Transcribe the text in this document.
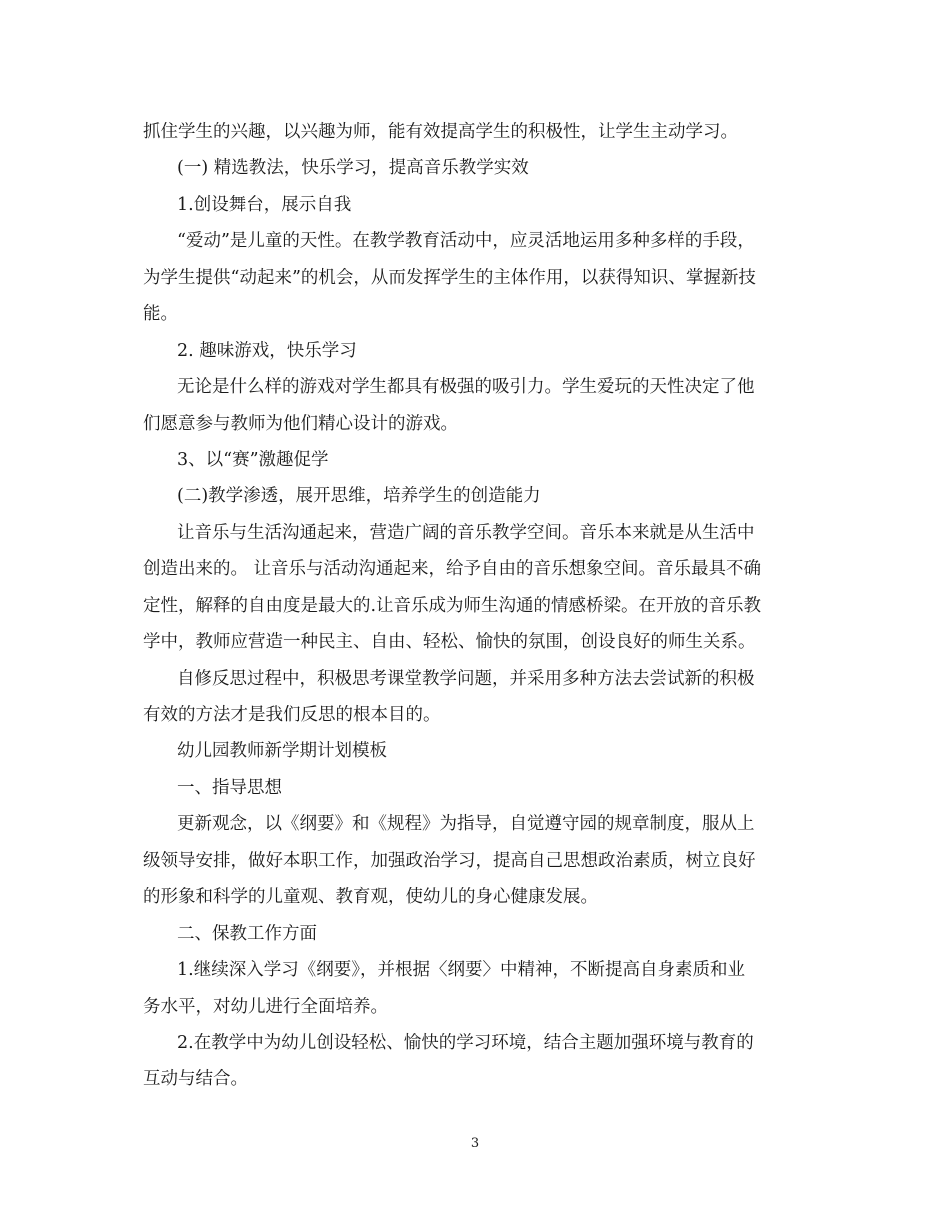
抓住学生的兴趣，以兴趣为师，能有效提高学生的积极性，让学生主动学习。
(一) 精选教法，快乐学习，提高音乐教学实效
1.创设舞台，展示自我
“爱动”是儿童的天性。在教学教育活动中，应灵活地运用多种多样的手段，
为学生提供“动起来”的机会，从而发挥学生的主体作用，以获得知识、掌握新技
能。
2. 趣味游戏，快乐学习
无论是什么样的游戏对学生都具有极强的吸引力。学生爱玩的天性决定了他
们愿意参与教师为他们精心设计的游戏。
3、以“赛”激趣促学
(二)教学渗透，展开思维，培养学生的创造能力
让音乐与生活沟通起来，营造广阔的音乐教学空间。音乐本来就是从生活中
创造出来的。 让音乐与活动沟通起来，给予自由的音乐想象空间。音乐最具不确
定性，解释的自由度是最大的.让音乐成为师生沟通的情感桥梁。在开放的音乐教
学中，教师应营造一种民主、自由、轻松、愉快的氛围，创设良好的师生关系。
自修反思过程中，积极思考课堂教学问题，并采用多种方法去尝试新的积极
有效的方法才是我们反思的根本目的。
幼儿园教师新学期计划模板
一、指导思想
更新观念，以《纲要》和《规程》为指导，自觉遵守园的规章制度，服从上
级领导安排，做好本职工作，加强政治学习，提高自己思想政治素质，树立良好
的形象和科学的儿童观、教育观，使幼儿的身心健康发展。
二、保教工作方面
1.继续深入学习《纲要》，并根据〈纲要〉中精神，不断提高自身素质和业
务水平，对幼儿进行全面培养。
2.在教学中为幼儿创设轻松、愉快的学习环境，结合主题加强环境与教育的
互动与结合。
3
